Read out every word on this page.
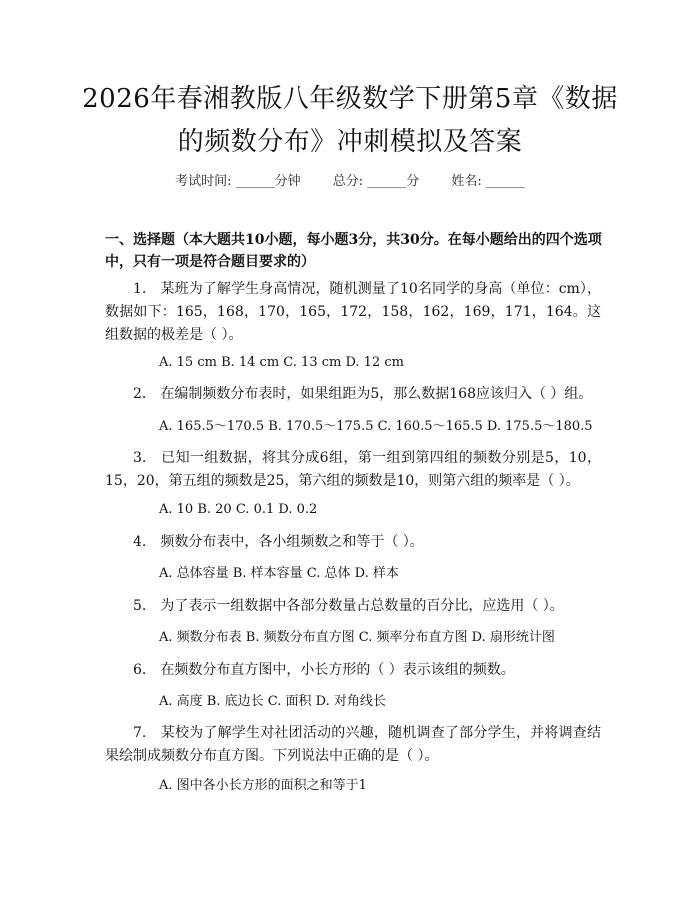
2026年春湘教版八年级数学下册第5章《数据的频数分布》冲刺模拟及答案
考试时间: ______分钟 总分: ______分 姓名: ______
一、选择题（本大题共10小题，每小题3分，共30分。在每小题给出的四个选项中，只有一项是符合题目要求的）
1.　某班为了解学生身高情况，随机测量了10名同学的身高（单位：cm），数据如下：165，168，170，165，172，158，162，169，171，164。这组数据的极差是（ ）。
A. 15 cm B. 14 cm C. 13 cm D. 12 cm
2.　在编制频数分布表时，如果组距为5，那么数据168应该归入（ ）组。
A. 165.5～170.5 B. 170.5～175.5 C. 160.5～165.5 D. 175.5～180.5
3.　已知一组数据，将其分成6组，第一组到第四组的频数分别是5，10，15，20，第五组的频数是25，第六组的频数是10，则第六组的频率是（ ）。
A. 10 B. 20 C. 0.1 D. 0.2
4.　频数分布表中，各小组频数之和等于（ ）。
A. 总体容量 B. 样本容量 C. 总体 D. 样本
5.　为了表示一组数据中各部分数量占总数量的百分比，应选用（ ）。
A. 频数分布表 B. 频数分布直方图 C. 频率分布直方图 D. 扇形统计图
6.　在频数分布直方图中，小长方形的（ ）表示该组的频数。
A. 高度 B. 底边长 C. 面积 D. 对角线长
7.　某校为了解学生对社团活动的兴趣，随机调查了部分学生，并将调查结果绘制成频数分布直方图。下列说法中正确的是（ ）。
A. 图中各小长方形的面积之和等于1
